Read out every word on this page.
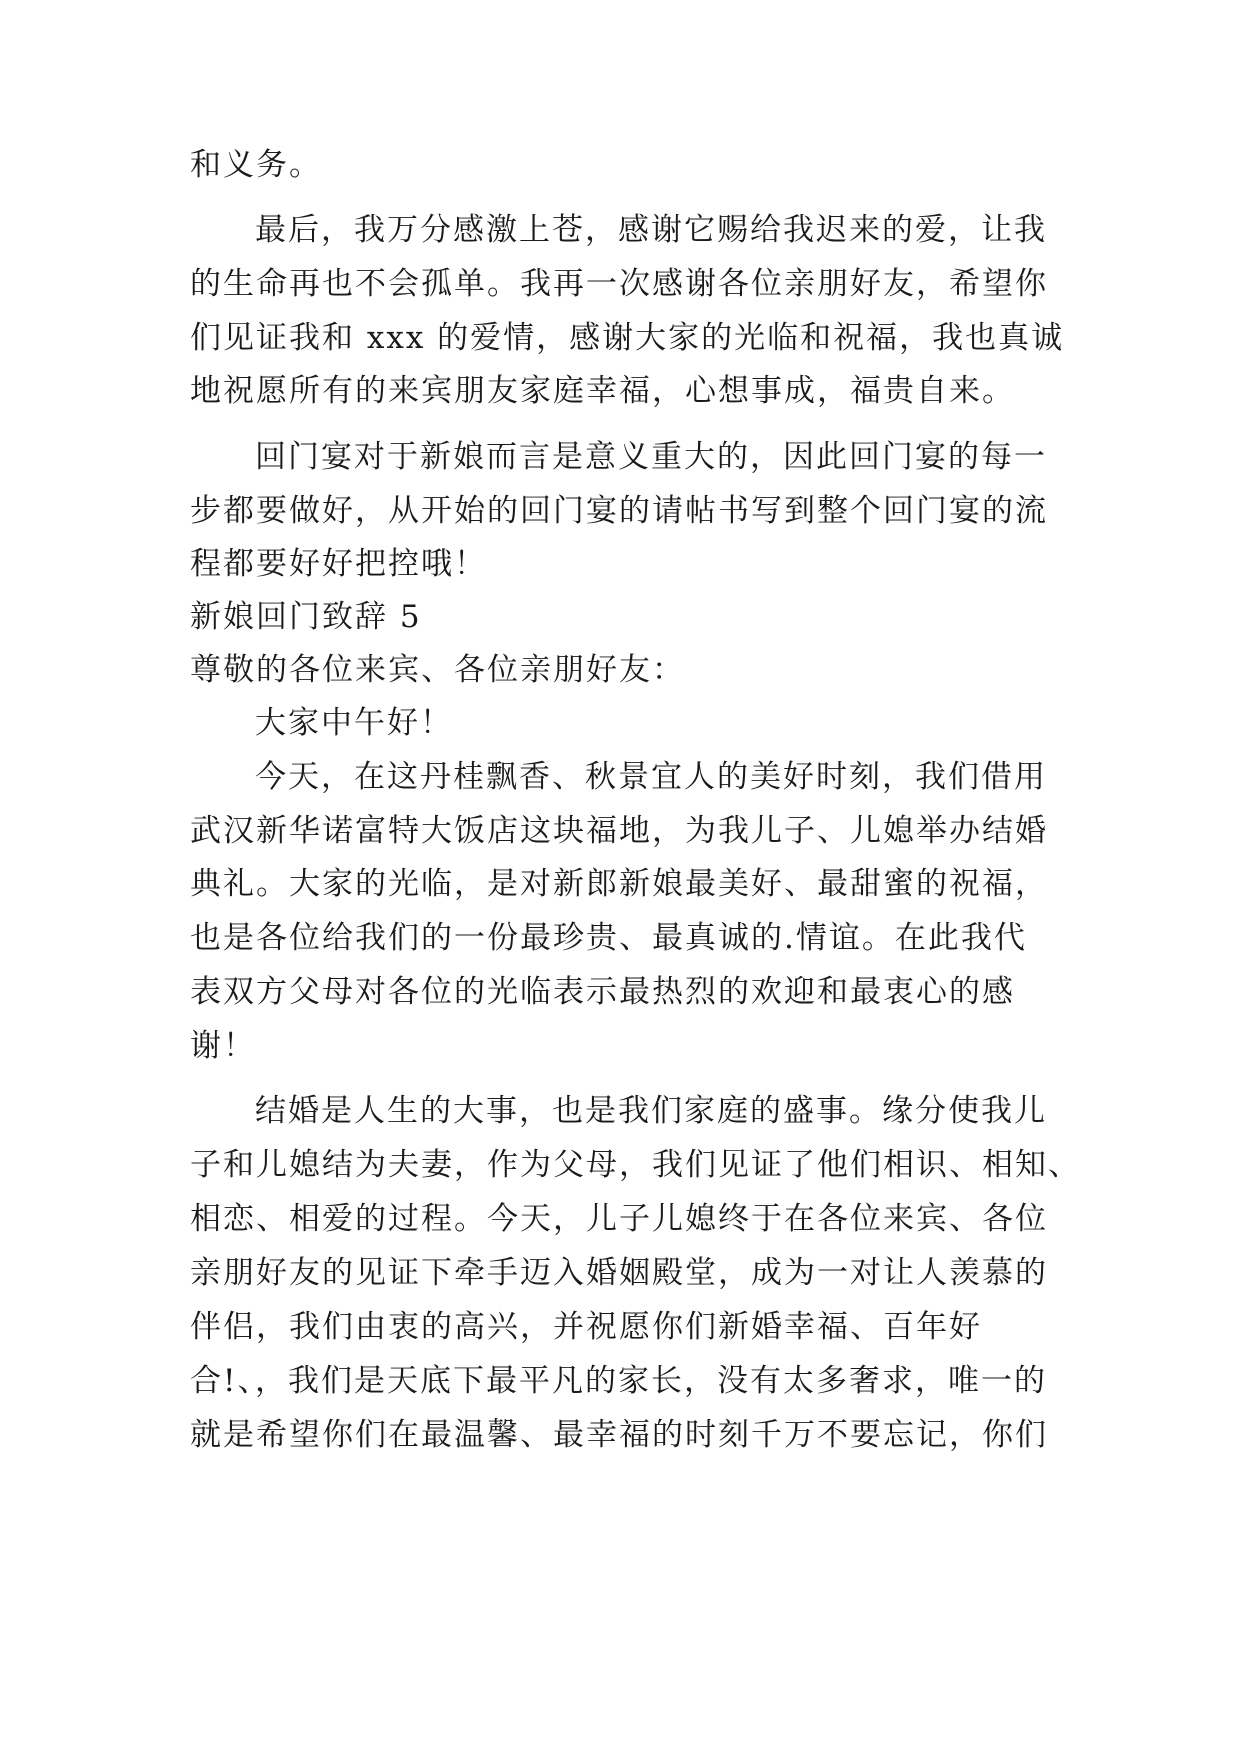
和义务。
最后，我万分感激上苍，感谢它赐给我迟来的爱，让我
的生命再也不会孤单。我再一次感谢各位亲朋好友，希望你
们见证我和 xxx 的爱情，感谢大家的光临和祝福，我也真诚
地祝愿所有的来宾朋友家庭幸福，心想事成，福贵自来。
回门宴对于新娘而言是意义重大的，因此回门宴的每一
步都要做好，从开始的回门宴的请帖书写到整个回门宴的流
程都要好好把控哦！
新娘回门致辞 5
尊敬的各位来宾、各位亲朋好友：
大家中午好！
今天，在这丹桂飘香、秋景宜人的美好时刻，我们借用
武汉新华诺富特大饭店这块福地，为我儿子、儿媳举办结婚
典礼。大家的光临，是对新郎新娘最美好、最甜蜜的祝福，
也是各位给我们的一份最珍贵、最真诚的.情谊。在此我代
表双方父母对各位的光临表示最热烈的欢迎和最衷心的感
谢！
结婚是人生的大事，也是我们家庭的盛事。缘分使我儿
子和儿媳结为夫妻，作为父母，我们见证了他们相识、相知、
相恋、相爱的过程。今天，儿子儿媳终于在各位来宾、各位
亲朋好友的见证下牵手迈入婚姻殿堂，成为一对让人羡慕的
伴侣，我们由衷的高兴，并祝愿你们新婚幸福、百年好
合!、，我们是天底下最平凡的家长，没有太多奢求，唯一的
就是希望你们在最温馨、最幸福的时刻千万不要忘记，你们
